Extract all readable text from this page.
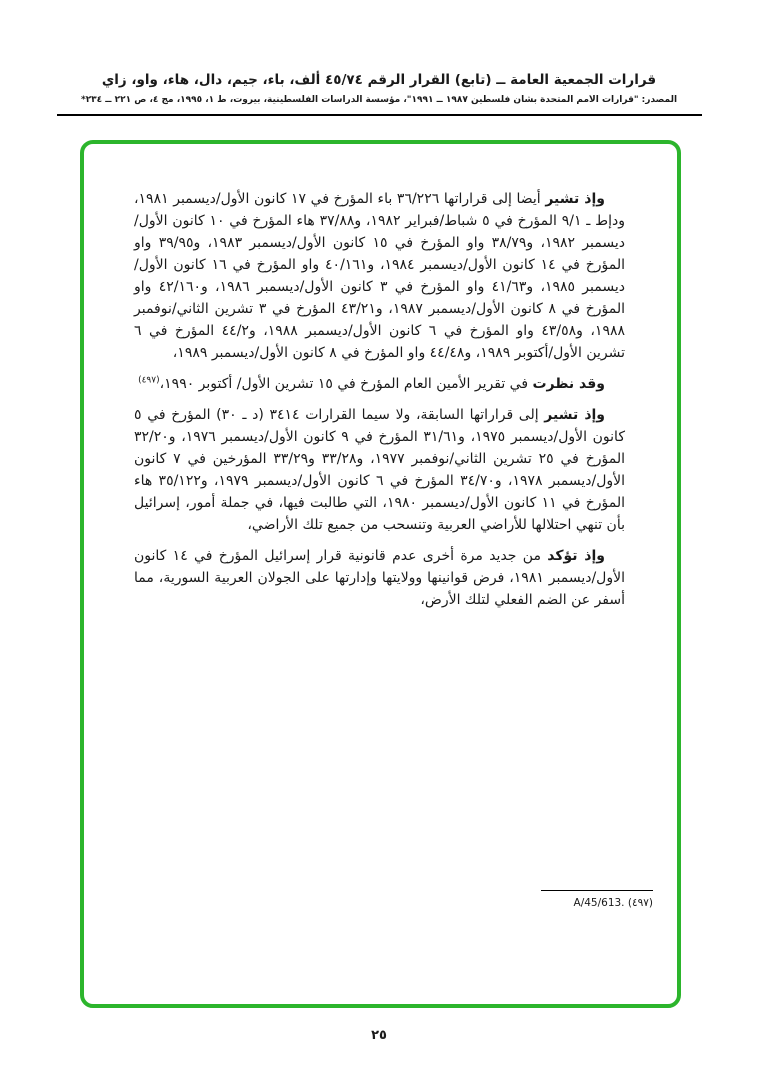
قرارات الجمعية العامة ــ (تابع) القرار الرقم ٤٥/٧٤ ألف، باء، جيم، دال، هاء، واو، زاي
المصدر: "قرارات الأمم المتحدة بشأن فلسطين ١٩٨٧ ــ ١٩٩١"، مؤسسة الدراسات الفلسطينية، بيروت، ط ١، ١٩٩٥، مج ٤، ص ٢٢١ ــ ٢٣٤*

وإذ تشير أيضا إلى قراراتها ٣٦/٢٢٦ باء المؤرخ في ١٧ كانون الأول/ديسمبر ١٩٨١، ودإط ـ ٩/١ المؤرخ في ٥ شباط/فبراير ١٩٨٢، و٣٧/٨٨ هاء المؤرخ في ١٠ كانون الأول/ديسمبر ١٩٨٢، و٣٨/٧٩ واو المؤرخ في ١٥ كانون الأول/ديسمبر ١٩٨٣، و٣٩/٩٥ واو المؤرخ في ١٤ كانون الأول/ديسمبر ١٩٨٤، و٤٠/١٦١ واو المؤرخ في ١٦ كانون الأول/ديسمبر ١٩٨٥، و٤١/٦٣ واو المؤرخ في ٣ كانون الأول/ديسمبر ١٩٨٦، و٤٢/١٦٠ واو المؤرخ في ٨ كانون الأول/ديسمبر ١٩٨٧، و٤٣/٢١ المؤرخ في ٣ تشرين الثاني/نوفمبر ١٩٨٨، و٤٣/٥٨ واو المؤرخ في ٦ كانون الأول/ديسمبر ١٩٨٨، و٤٤/٢ المؤرخ في ٦ تشرين الأول/أكتوبر ١٩٨٩، و٤٤/٤٨ واو المؤرخ في ٨ كانون الأول/ديسمبر ١٩٨٩،

وقد نظرت في تقرير الأمين العام المؤرخ في ١٥ تشرين الأول/ أكتوبر ١٩٩٠،$^{(٤٩٧)}$

وإذ تشير إلى قراراتها السابقة، ولا سيما القرارات ٣٤١٤ (د ـ ٣٠) المؤرخ في ٥ كانون الأول/ديسمبر ١٩٧٥، و٣١/٦١ المؤرخ في ٩ كانون الأول/ديسمبر ١٩٧٦، و٣٢/٢٠ المؤرخ في ٢٥ تشرين الثاني/نوفمبر ١٩٧٧، و٣٣/٢٨ و٣٣/٢٩ المؤرخين في ٧ كانون الأول/ديسمبر ١٩٧٨، و٣٤/٧٠ المؤرخ في ٦ كانون الأول/ديسمبر ١٩٧٩، و٣٥/١٢٢ هاء المؤرخ في ١١ كانون الأول/ديسمبر ١٩٨٠، التي طالبت فيها، في جملة أمور، إسرائيل بأن تنهي احتلالها للأراضي العربية وتنسحب من جميع تلك الأراضي،

وإذ تؤكد من جديد مرة أخرى عدم قانونية قرار إسرائيل المؤرخ في ١٤ كانون الأول/ديسمبر ١٩٨١، فرض قوانينها وولايتها وإدارتها على الجولان العربية السورية، مما أسفر عن الضم الفعلي لتلك الأرض،

(٤٩٧) A/45/613.
٢٥
